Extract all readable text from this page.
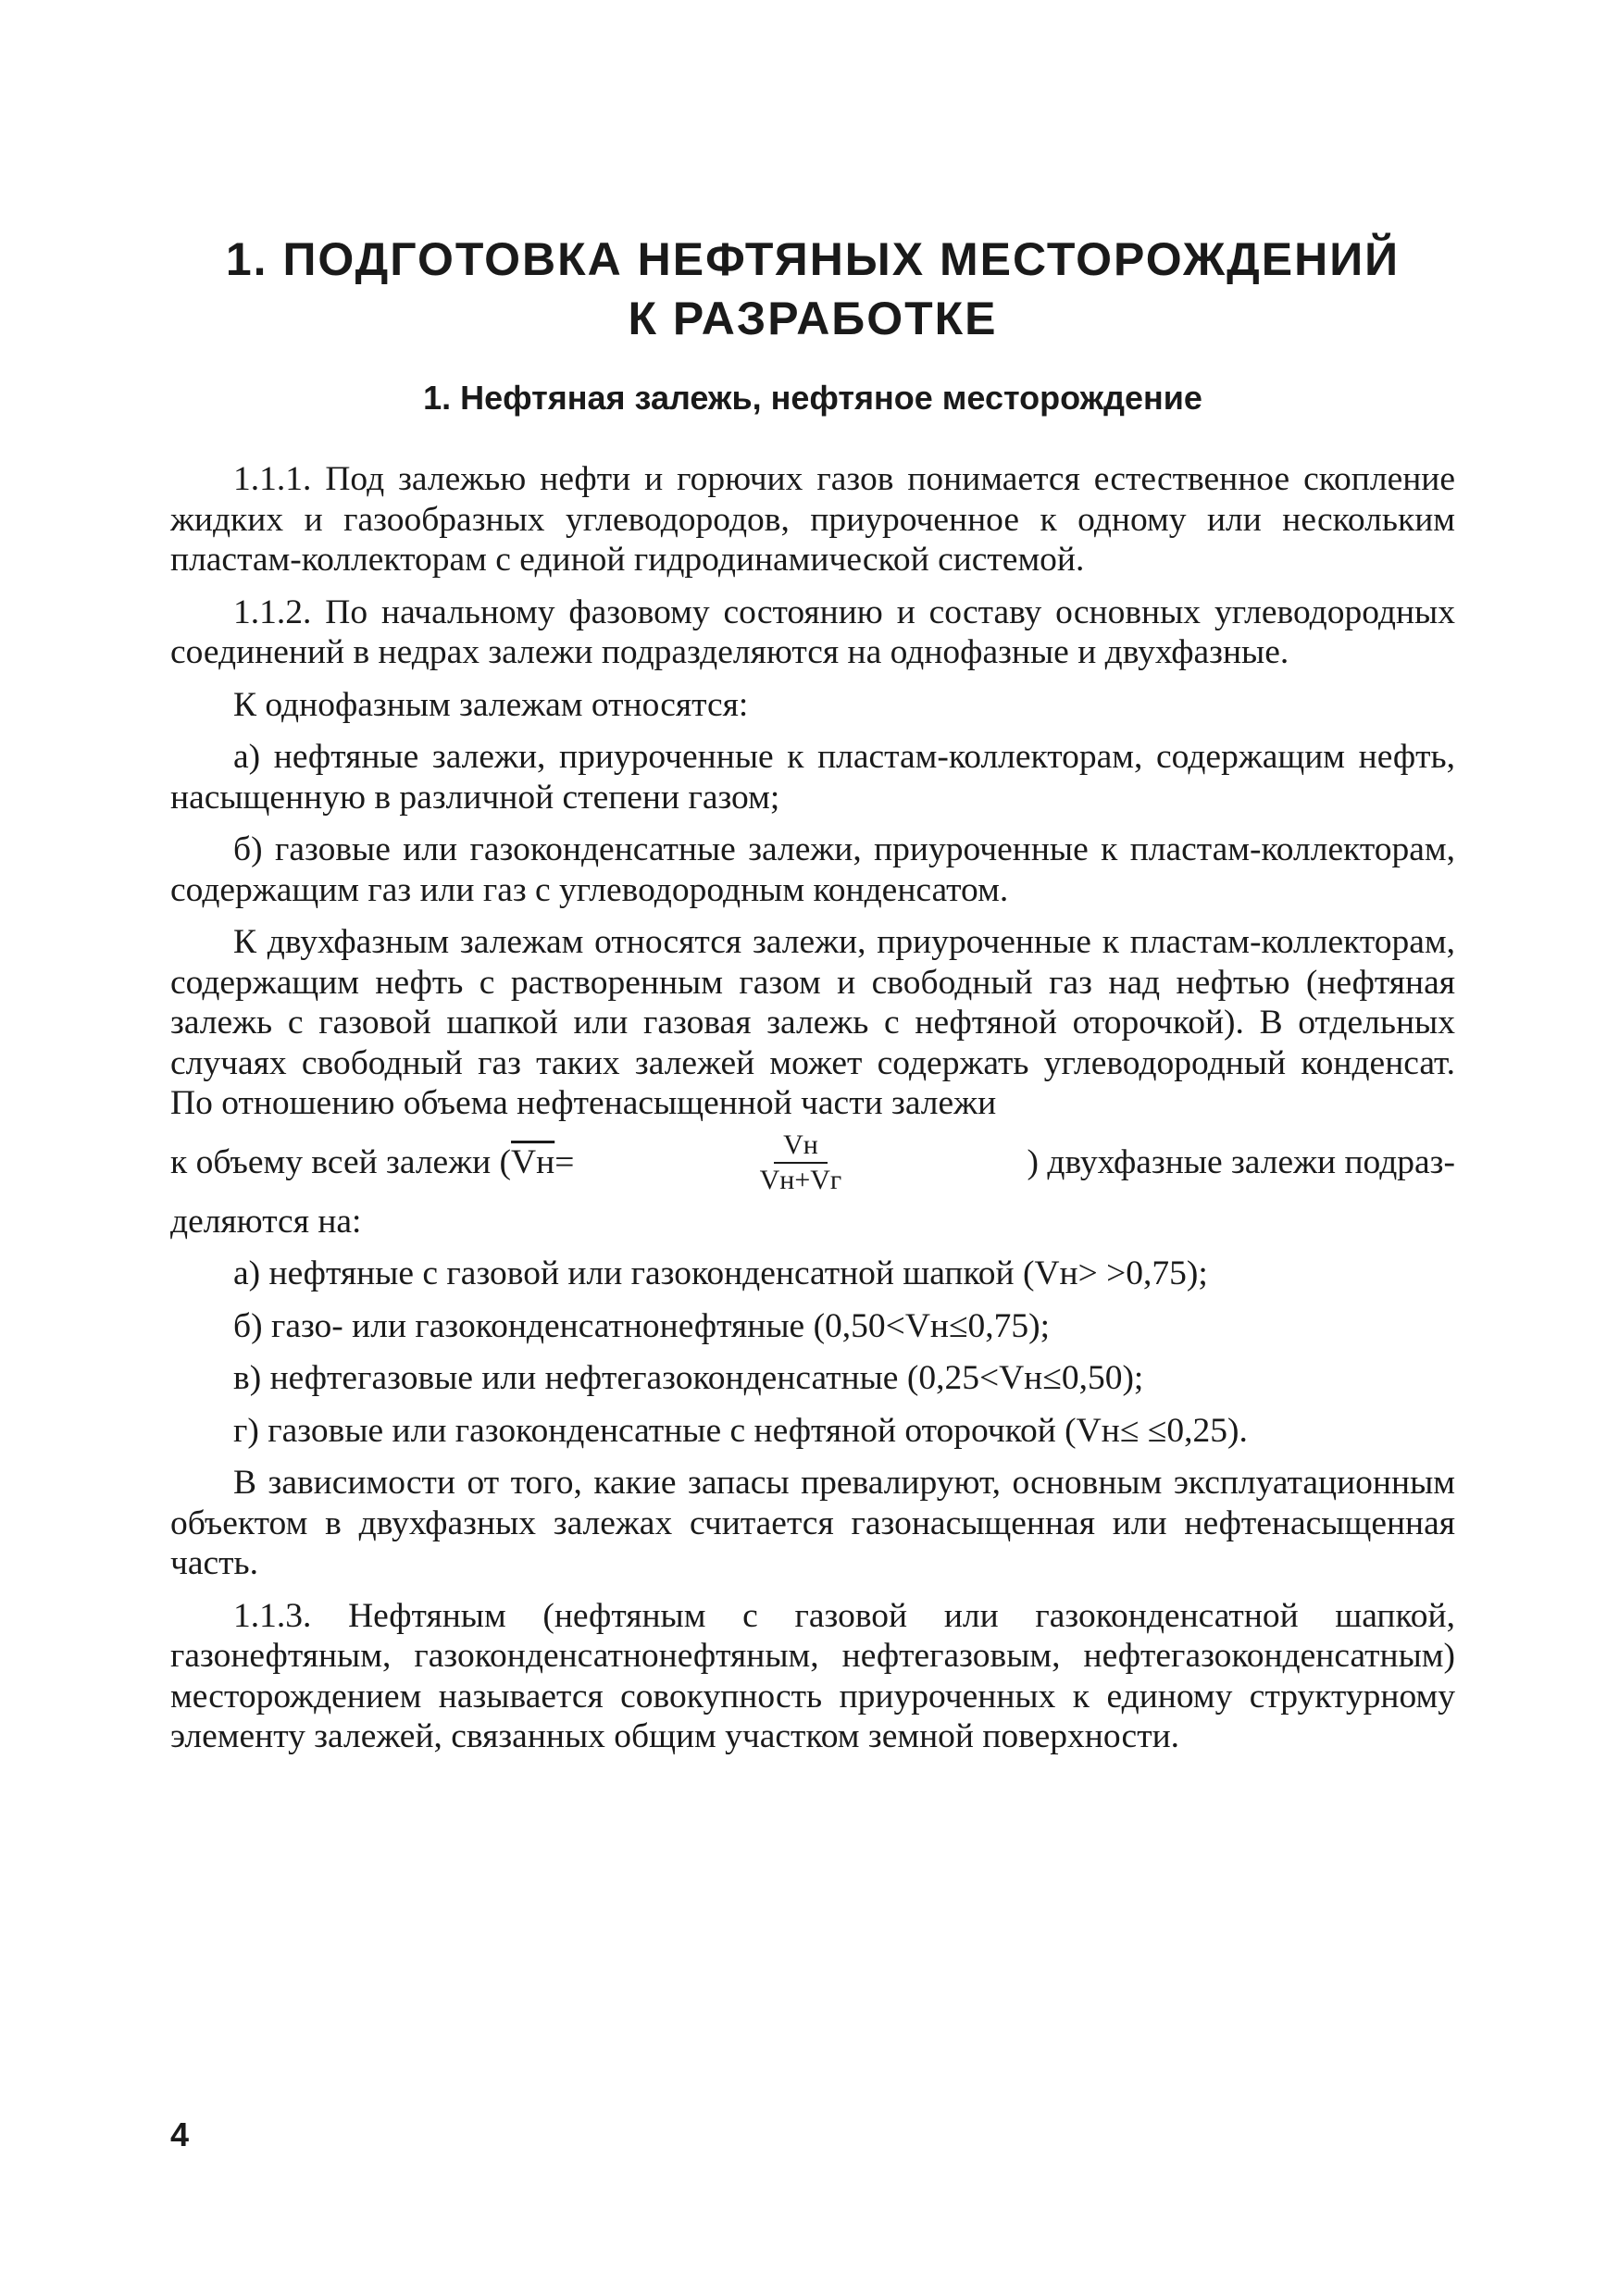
1. ПОДГОТОВКА НЕФТЯНЫХ МЕСТОРОЖДЕНИЙ
К РАЗРАБОТКЕ
1. Нефтяная залежь, нефтяное месторождение

1.1.1. Под залежью нефти и горючих газов понимается естественное скопление жидких и газообразных углеводородов, приуроченное к одному или нескольким пластам-коллекторам с единой гидродинамической системой.

1.1.2. По начальному фазовому состоянию и составу основных углеводородных соединений в недрах залежи подразделяются на однофазные и двухфазные.

К однофазным залежам относятся:

а) нефтяные залежи, приуроченные к пластам-коллекторам, содержащим нефть, насыщенную в различной степени газом;

б) газовые или газоконденсатные залежи, приуроченные к пластам-коллекторам, содержащим газ или газ с углеводородным конденсатом.

К двухфазным залежам относятся залежи, приуроченные к пластам-коллекторам, содержащим нефть с растворенным газом и свободный газ над нефтью (нефтяная залежь с газовой шапкой или газовая залежь с нефтяной оторочкой). В отдельных случаях свободный газ таких залежей может содержать углеводородный конденсат. По отношению объема нефтенасыщенной части залежи

к объему всей залежи (Vн=	$\frac{Vн}{Vн+Vг}$	) двухфазные залежи подраз-
деляются на:

а) нефтяные с газовой или газоконденсатной шапкой (Vн> >0,75);

б) газо- или газоконденсатнонефтяные (0,50<Vн≤0,75);

в) нефтегазовые или нефтегазоконденсатные (0,25<Vн≤0,50);

г) газовые или газоконденсатные с нефтяной оторочкой (Vн≤ ≤0,25).

В зависимости от того, какие запасы превалируют, основным эксплуатационным объектом в двухфазных залежах считается газонасыщенная или нефтенасыщенная часть.

1.1.3. Нефтяным (нефтяным с газовой или газоконденсатной шапкой, газонефтяным, газоконденсатнонефтяным, нефтегазовым, нефтегазоконденсатным) месторождением называется совокупность приуроченных к единому структурному элементу залежей, связанных общим участком земной поверхности.

4
